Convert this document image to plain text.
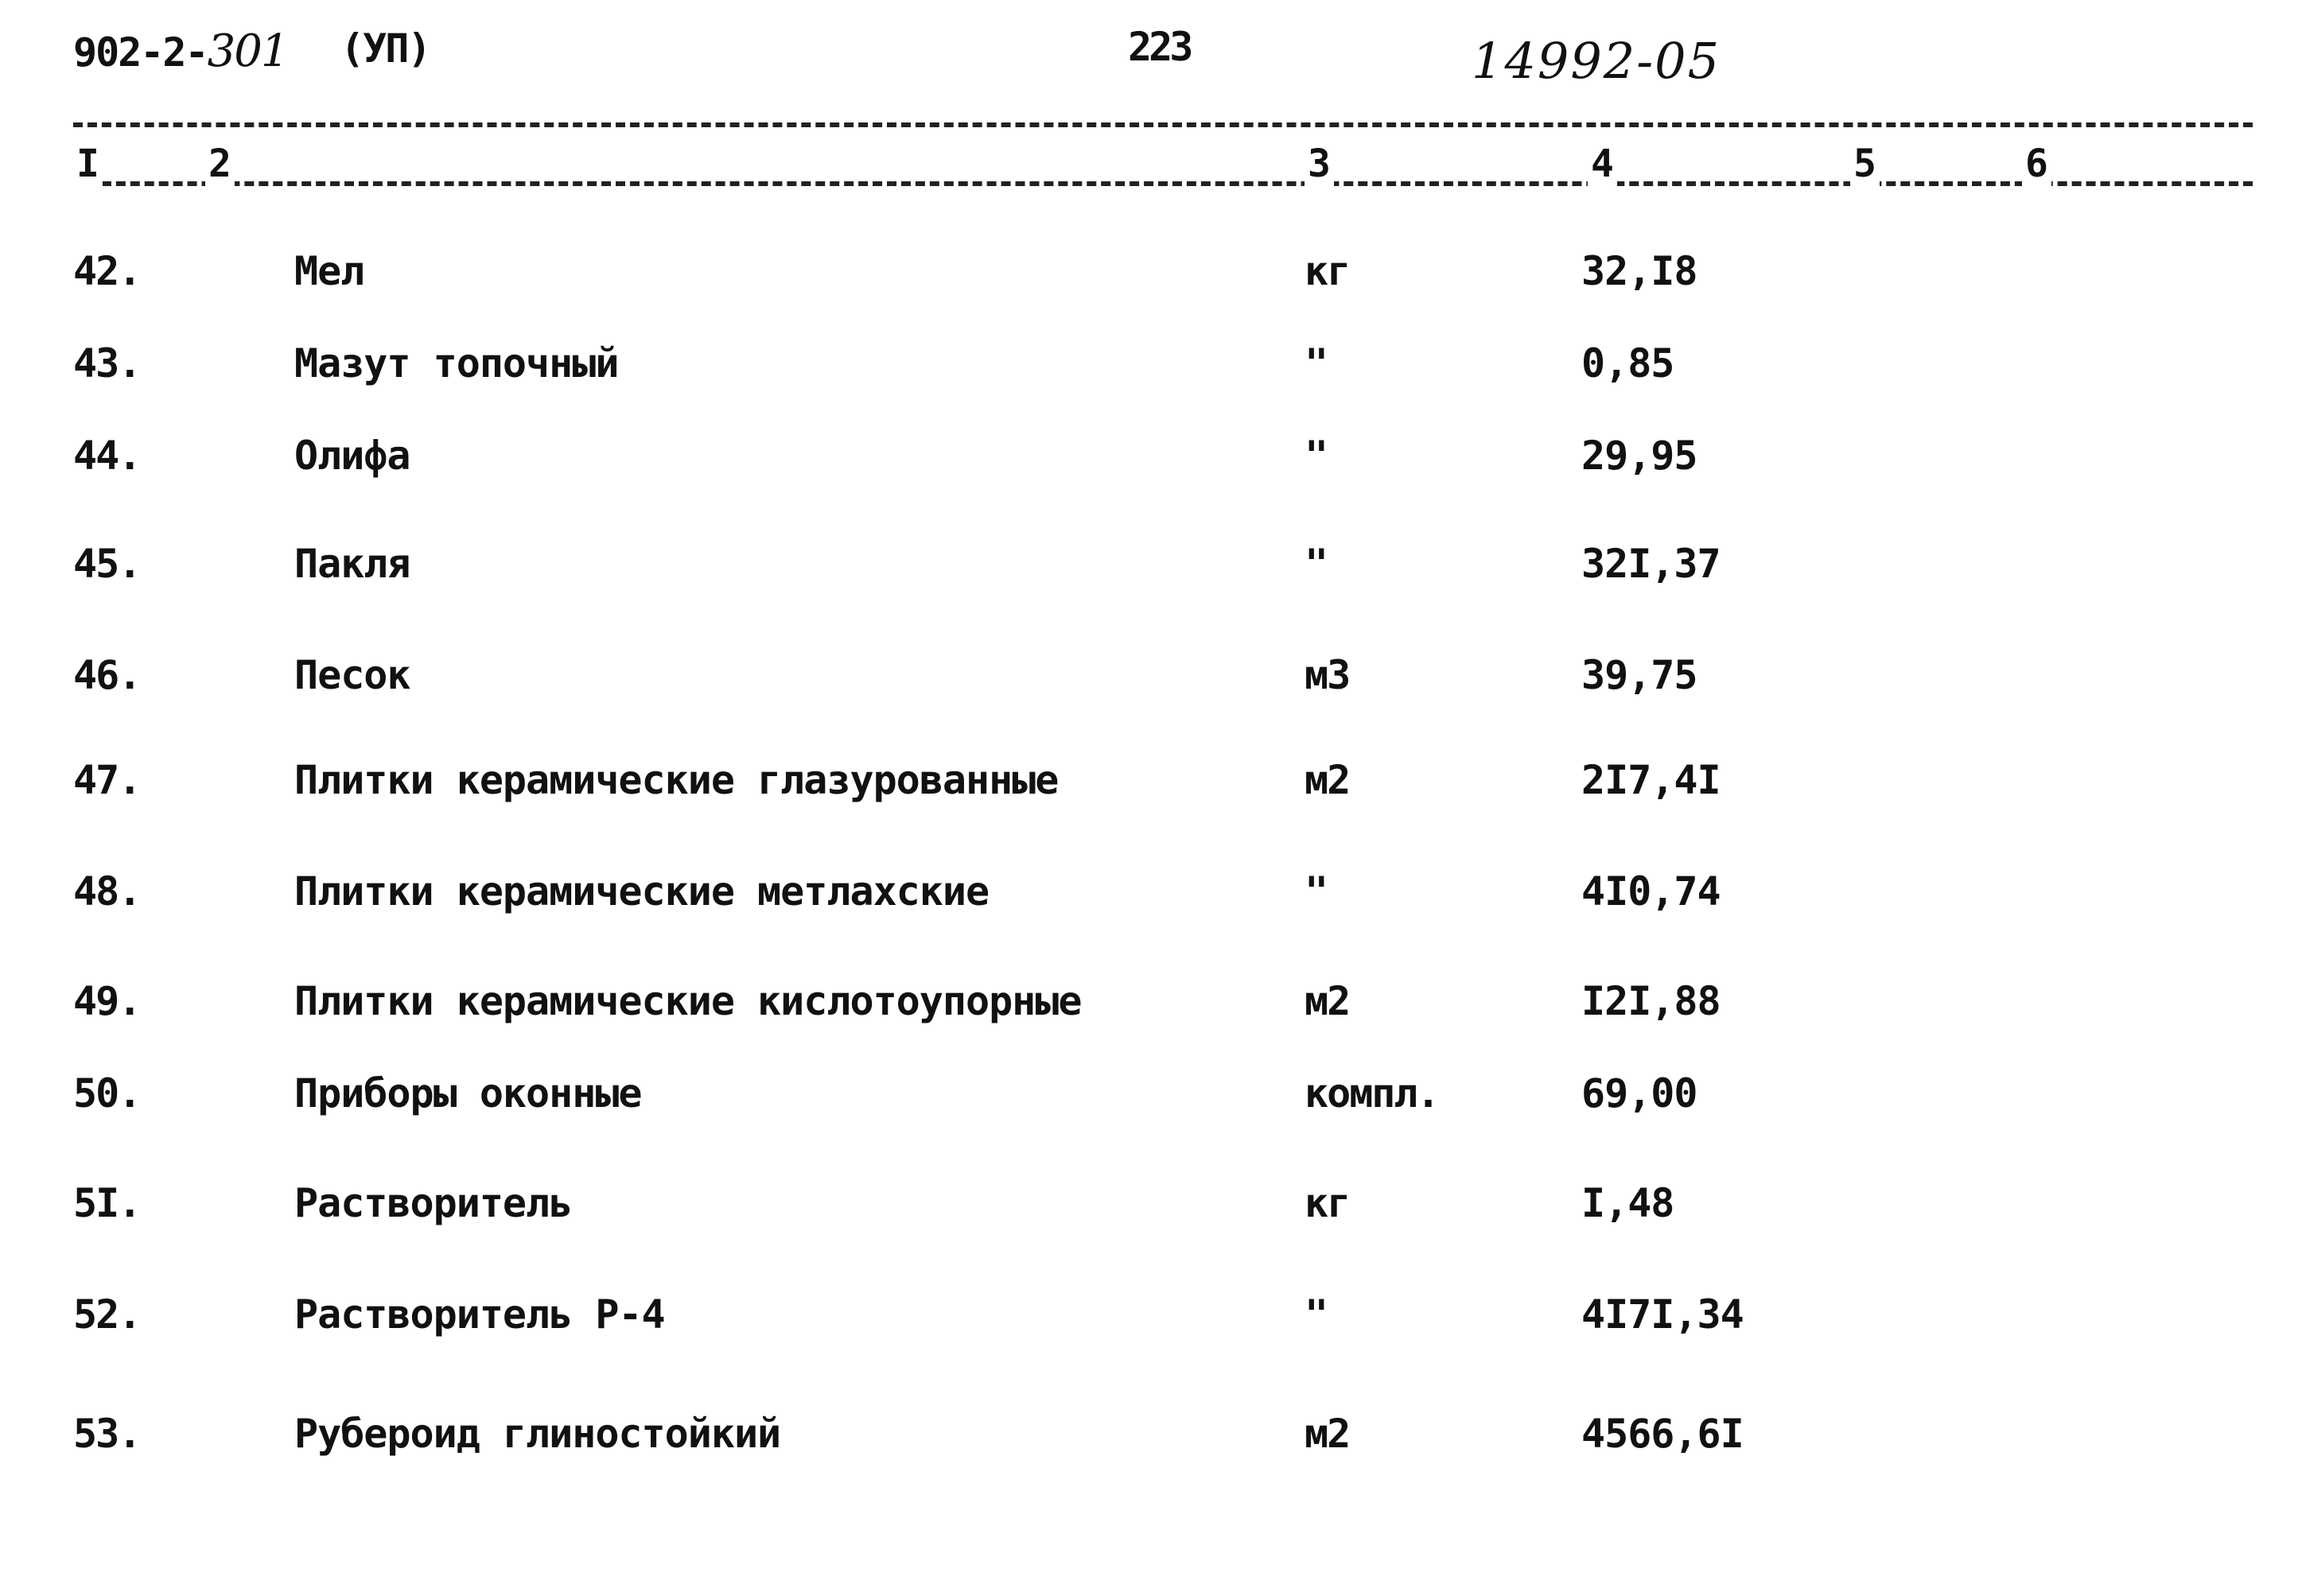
902-2-301 (УП)	223	14992-05
I	2	3	4	5	6
42.	Мел	кг	32,I8
43.	Мазут топочный	"	0,85
44.	Олифа	"	29,95
45.	Пакля	"	32I,37
46.	Песок	м3	39,75
47.	Плитки керамические глазурованные	м2	2I7,4I
48.	Плитки керамические метлахские	"	4I0,74
49.	Плитки керамические кислотоупорные	м2	I2I,88
50.	Приборы оконные	компл.	69,00
5I.	Растворитель	кг	I,48
52.	Растворитель Р-4	"	4I7I,34
53.	Рубероид глиностойкий	м2	4566,6I
